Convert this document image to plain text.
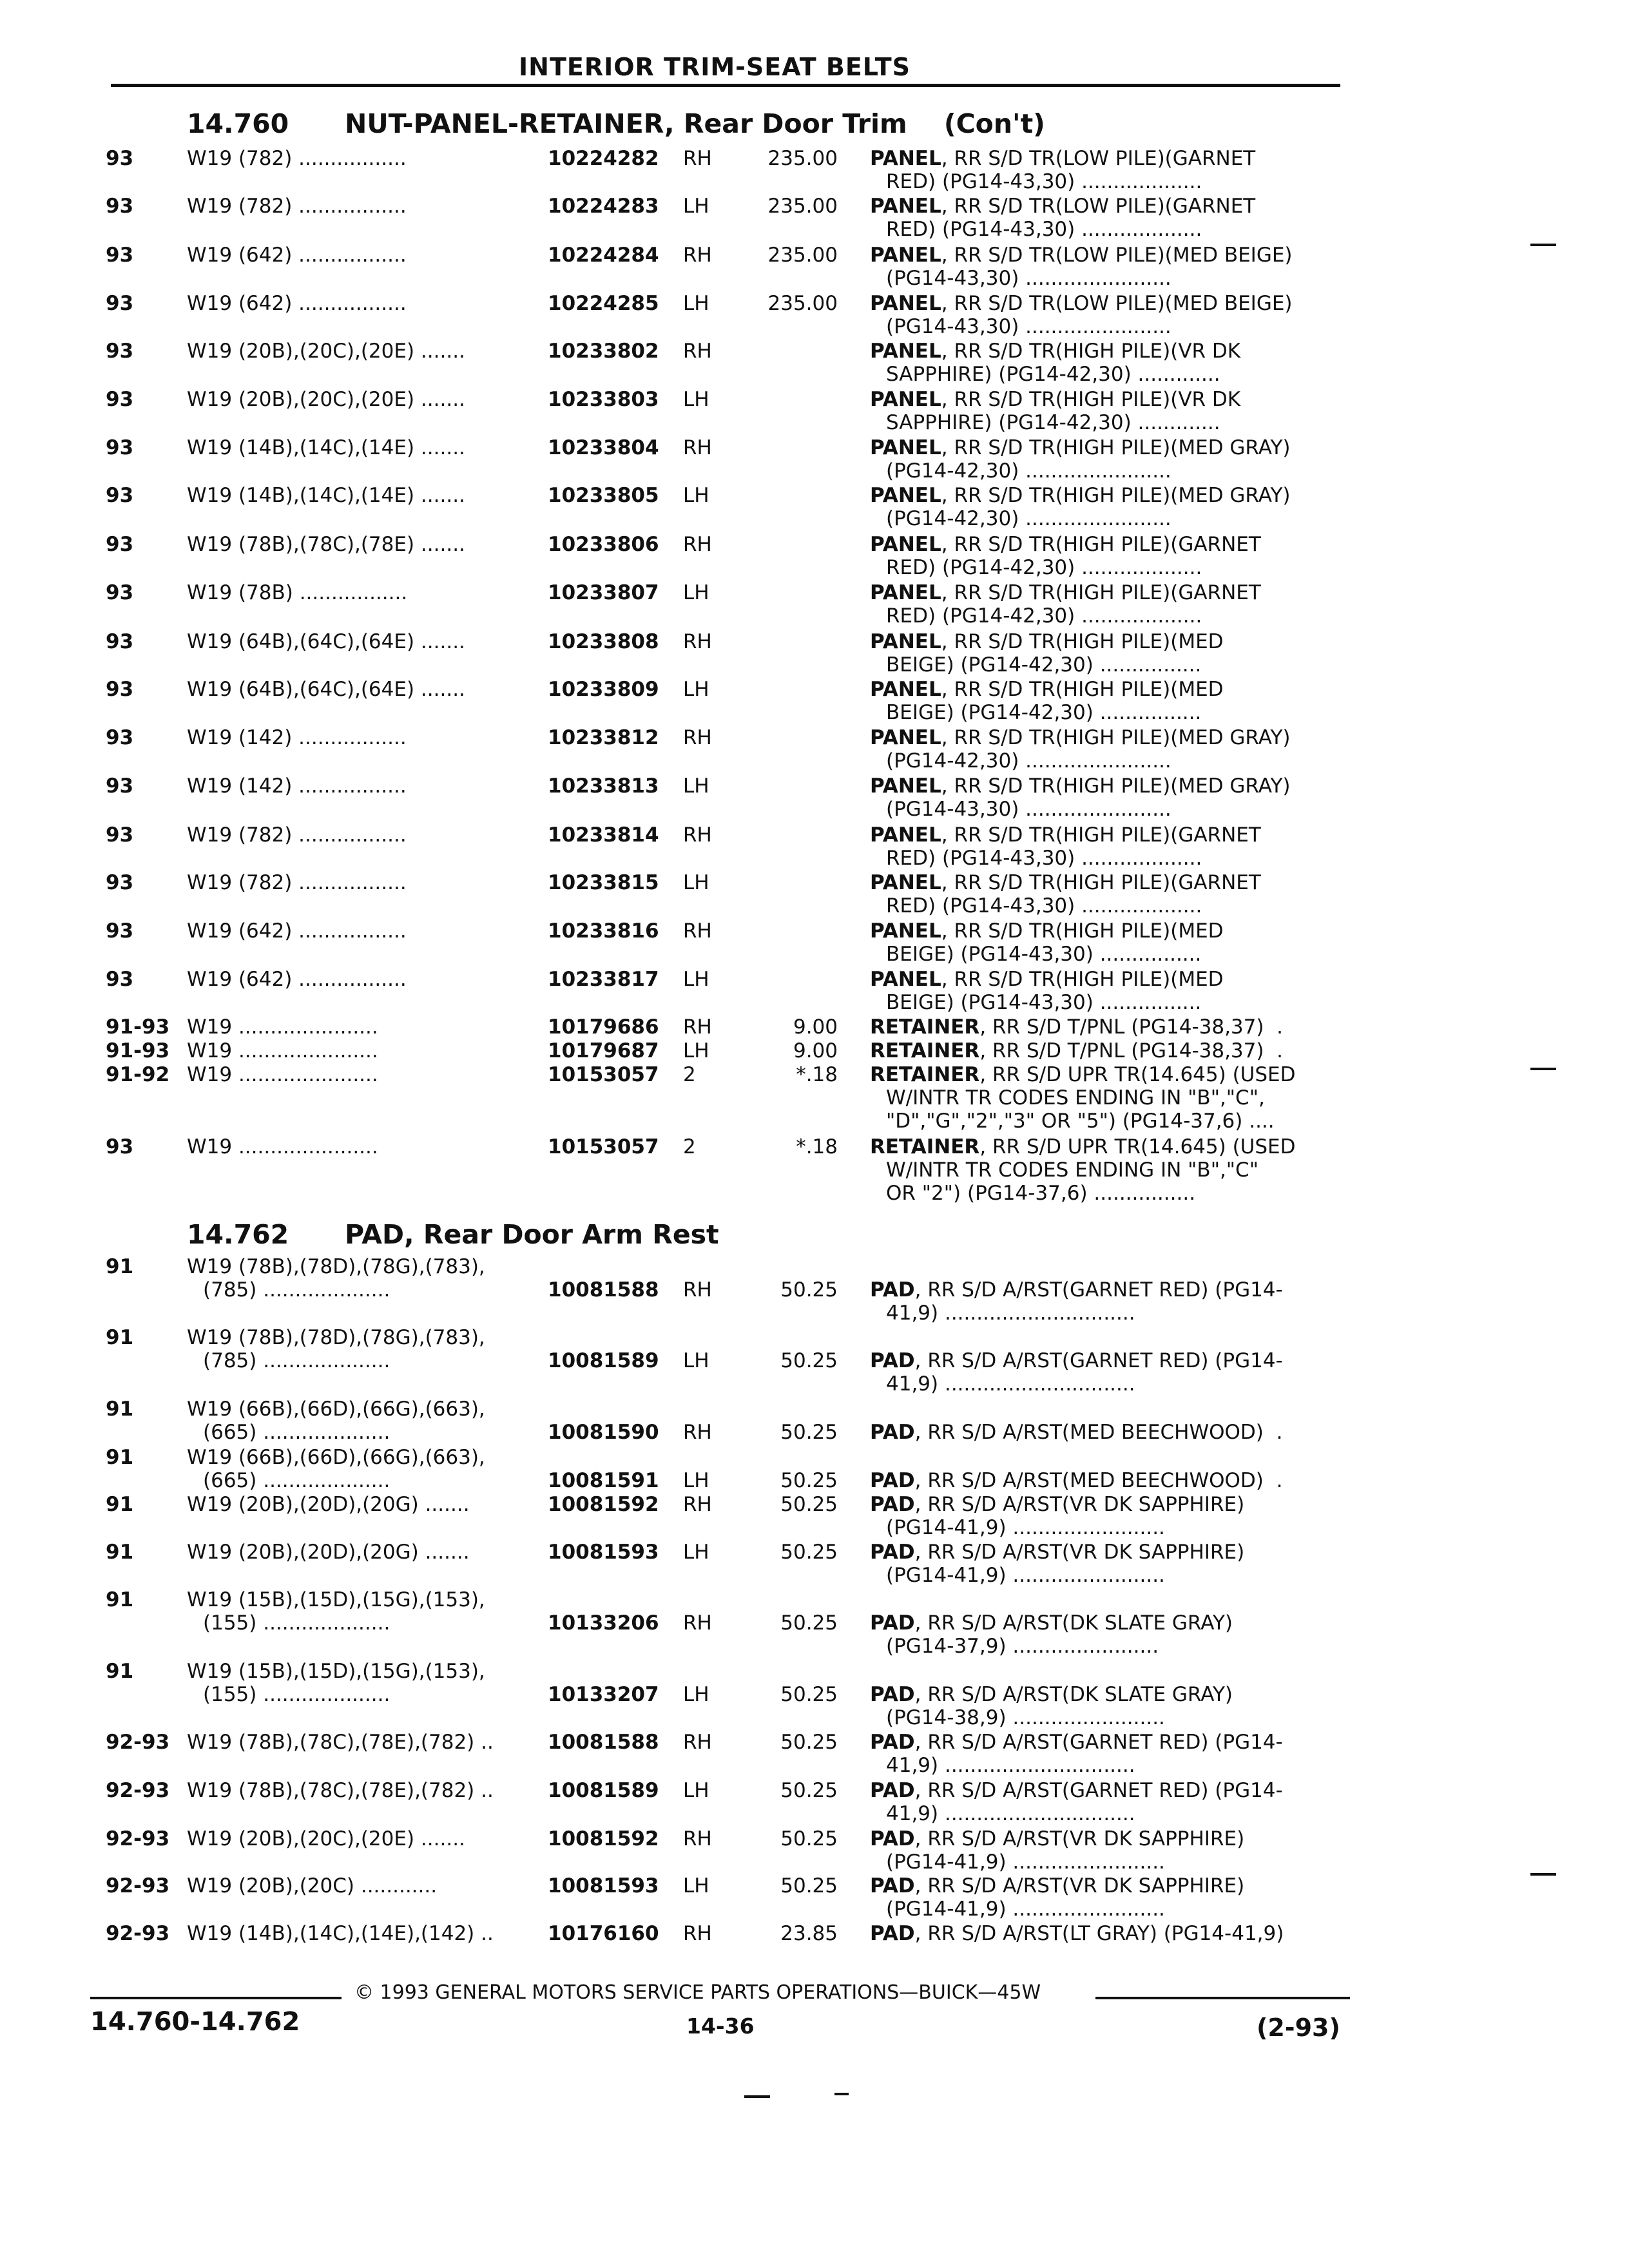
INTERIOR TRIM-SEAT BELTS
14.760 NUT-PANEL-RETAINER, Rear Door Trim    (Con't)
93	W19 (782) .................	10224282 RH	235.00 PANEL, RR S/D TR(LOW PILE)(GARNET
RED) (PG14-43,30) ...................
93	W19 (782) .................	10224283 LH	235.00 PANEL, RR S/D TR(LOW PILE)(GARNET
RED) (PG14-43,30) ...................
93	W19 (642) .................	10224284 RH	235.00 PANEL, RR S/D TR(LOW PILE)(MED BEIGE)
(PG14-43,30) .......................
93	W19 (642) .................	10224285 LH	235.00 PANEL, RR S/D TR(LOW PILE)(MED BEIGE)
(PG14-43,30) .......................
93	W19 (20B),(20C),(20E) .......	10233802 RH	PANEL, RR S/D TR(HIGH PILE)(VR DK
SAPPHIRE) (PG14-42,30) .............
93	W19 (20B),(20C),(20E) .......	10233803 LH	PANEL, RR S/D TR(HIGH PILE)(VR DK
SAPPHIRE) (PG14-42,30) .............
93	W19 (14B),(14C),(14E) .......	10233804 RH	PANEL, RR S/D TR(HIGH PILE)(MED GRAY)
(PG14-42,30) .......................
93	W19 (14B),(14C),(14E) .......	10233805 LH	PANEL, RR S/D TR(HIGH PILE)(MED GRAY)
(PG14-42,30) .......................
93	W19 (78B),(78C),(78E) .......	10233806 RH	PANEL, RR S/D TR(HIGH PILE)(GARNET
RED) (PG14-42,30) ...................
93	W19 (78B) .................	10233807 LH	PANEL, RR S/D TR(HIGH PILE)(GARNET
RED) (PG14-42,30) ...................
93	W19 (64B),(64C),(64E) .......	10233808 RH	PANEL, RR S/D TR(HIGH PILE)(MED
BEIGE) (PG14-42,30) ................
93	W19 (64B),(64C),(64E) .......	10233809 LH	PANEL, RR S/D TR(HIGH PILE)(MED
BEIGE) (PG14-42,30) ................
93	W19 (142) .................	10233812 RH	PANEL, RR S/D TR(HIGH PILE)(MED GRAY)
(PG14-42,30) .......................
93	W19 (142) .................	10233813 LH	PANEL, RR S/D TR(HIGH PILE)(MED GRAY)
(PG14-43,30) .......................
93	W19 (782) .................	10233814 RH	PANEL, RR S/D TR(HIGH PILE)(GARNET
RED) (PG14-43,30) ...................
93	W19 (782) .................	10233815 LH	PANEL, RR S/D TR(HIGH PILE)(GARNET
RED) (PG14-43,30) ...................
93	W19 (642) .................	10233816 RH	PANEL, RR S/D TR(HIGH PILE)(MED
BEIGE) (PG14-43,30) ................
93	W19 (642) .................	10233817 LH	PANEL, RR S/D TR(HIGH PILE)(MED
BEIGE) (PG14-43,30) ................
91-93 W19 ......................	10179686 RH	9.00 RETAINER, RR S/D T/PNL (PG14-38,37)  .
91-93 W19 ......................	10179687 LH	9.00 RETAINER, RR S/D T/PNL (PG14-38,37)  .
91-92 W19 ......................	10153057 2	*.18 RETAINER, RR S/D UPR TR(14.645) (USED
W/INTR TR CODES ENDING IN "B","C",
"D","G","2","3" OR "5") (PG14-37,6) ....
93	W19 ......................	10153057 2	*.18 RETAINER, RR S/D UPR TR(14.645) (USED
W/INTR TR CODES ENDING IN "B","C"
OR "2") (PG14-37,6) ................
14.762 PAD, Rear Door Arm Rest
91	W19 (78B),(78D),(78G),(783),
(785) ....................	10081588 RH	50.25 PAD, RR S/D A/RST(GARNET RED) (PG14-
41,9) ..............................
91	W19 (78B),(78D),(78G),(783),
(785) ....................	10081589 LH	50.25 PAD, RR S/D A/RST(GARNET RED) (PG14-
41,9) ..............................
91	W19 (66B),(66D),(66G),(663),
(665) ....................	10081590 RH	50.25 PAD, RR S/D A/RST(MED BEECHWOOD)  .
91	W19 (66B),(66D),(66G),(663),
(665) ....................	10081591 LH	50.25 PAD, RR S/D A/RST(MED BEECHWOOD)  .
91	W19 (20B),(20D),(20G) .......	10081592 RH	50.25 PAD, RR S/D A/RST(VR DK SAPPHIRE)
(PG14-41,9) ........................
91	W19 (20B),(20D),(20G) .......	10081593 LH	50.25 PAD, RR S/D A/RST(VR DK SAPPHIRE)
(PG14-41,9) ........................
91	W19 (15B),(15D),(15G),(153),
(155) ....................	10133206 RH	50.25 PAD, RR S/D A/RST(DK SLATE GRAY)
(PG14-37,9) .......................
91	W19 (15B),(15D),(15G),(153),
(155) ....................	10133207 LH	50.25 PAD, RR S/D A/RST(DK SLATE GRAY)
(PG14-38,9) ........................
92-93 W19 (78B),(78C),(78E),(782) ..	10081588 RH	50.25 PAD, RR S/D A/RST(GARNET RED) (PG14-
41,9) ..............................
92-93 W19 (78B),(78C),(78E),(782) ..	10081589 LH	50.25 PAD, RR S/D A/RST(GARNET RED) (PG14-
41,9) ..............................
92-93 W19 (20B),(20C),(20E) .......	10081592 RH	50.25 PAD, RR S/D A/RST(VR DK SAPPHIRE)
(PG14-41,9) ........................
92-93 W19 (20B),(20C) ............	10081593 LH	50.25 PAD, RR S/D A/RST(VR DK SAPPHIRE)
(PG14-41,9) ........................
92-93 W19 (14B),(14C),(14E),(142) ..	10176160 RH	23.85 PAD, RR S/D A/RST(LT GRAY) (PG14-41,9)
© 1993 GENERAL MOTORS SERVICE PARTS OPERATIONS—BUICK—45W
14.760-14.762	14-36	(2-93)
